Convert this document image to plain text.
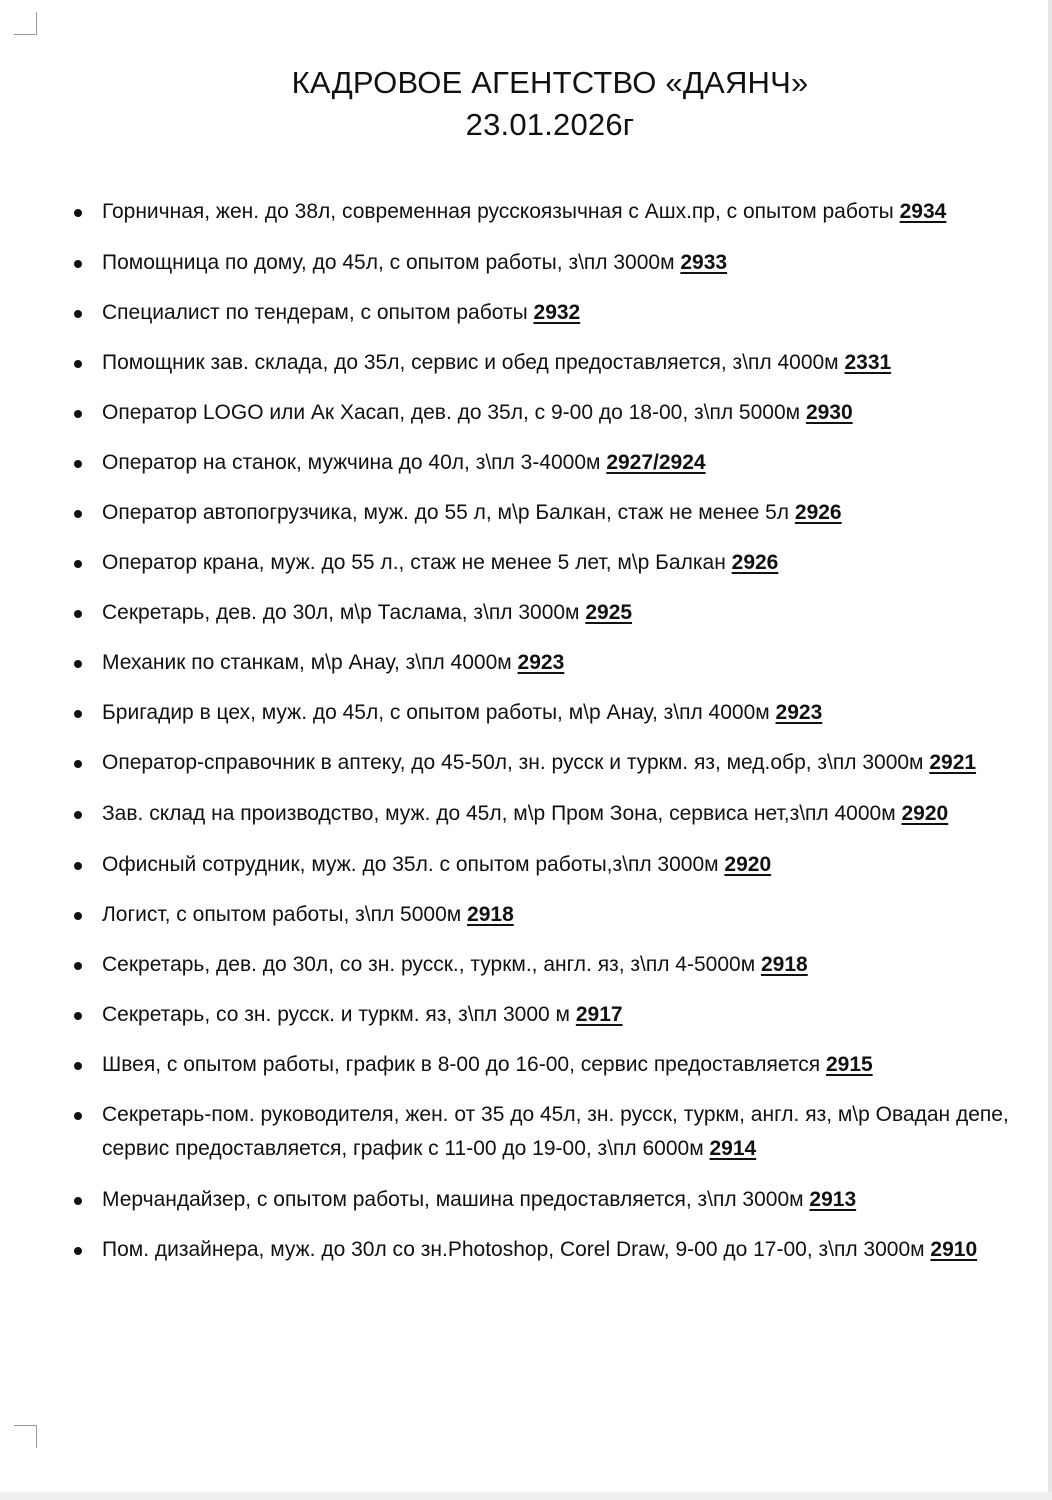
КАДРОВОЕ АГЕНТСТВО «ДАЯНЧ»
23.01.2026г
Горничная, жен. до 38л, современная русскоязычная с Ашх.пр, с опытом работы 2934
Помощница по дому, до 45л, с опытом работы, з\пл 3000м 2933
Специалист по тендерам, с опытом работы 2932
Помощник зав. склада, до 35л, сервис и обед предоставляется, з\пл 4000м 2331
Оператор LOGO или Ак Хасап, дев. до 35л, с 9-00 до 18-00, з\пл 5000м 2930
Оператор на станок, мужчина до 40л, з\пл 3-4000м 2927/2924
Оператор автопогрузчика, муж. до 55 л, м\р Балкан, стаж не менее 5л 2926
Оператор крана, муж. до 55 л., стаж не менее 5 лет, м\р Балкан 2926
Секретарь, дев. до 30л, м\р Таслама, з\пл 3000м 2925
Механик по станкам, м\р Анау, з\пл 4000м 2923
Бригадир в цех, муж. до 45л, с опытом работы, м\р Анау, з\пл 4000м 2923
Оператор-справочник в аптеку, до 45-50л, зн. русск и туркм. яз, мед.обр, з\пл 3000м 2921
Зав. склад на производство, муж. до 45л, м\р Пром Зона, сервиса нет,з\пл 4000м 2920
Офисный сотрудник, муж. до 35л. с опытом работы,з\пл 3000м 2920
Логист, с опытом работы, з\пл 5000м 2918
Секретарь, дев. до 30л, со зн. русск., туркм., англ. яз, з\пл 4-5000м 2918
Секретарь, со зн. русск. и туркм. яз, з\пл 3000 м 2917
Швея, с опытом работы, график в 8-00 до 16-00, сервис предоставляется 2915
Секретарь-пом. руководителя, жен. от 35 до 45л, зн. русск, туркм, англ. яз, м\р Овадан депе, сервис предоставляется, график с 11-00 до 19-00, з\пл 6000м 2914
Мерчандайзер, с опытом работы, машина предоставляется, з\пл 3000м 2913
Пом. дизайнера, муж. до 30л со зн.Photoshop, Corel Draw, 9-00 до 17-00, з\пл 3000м 2910
